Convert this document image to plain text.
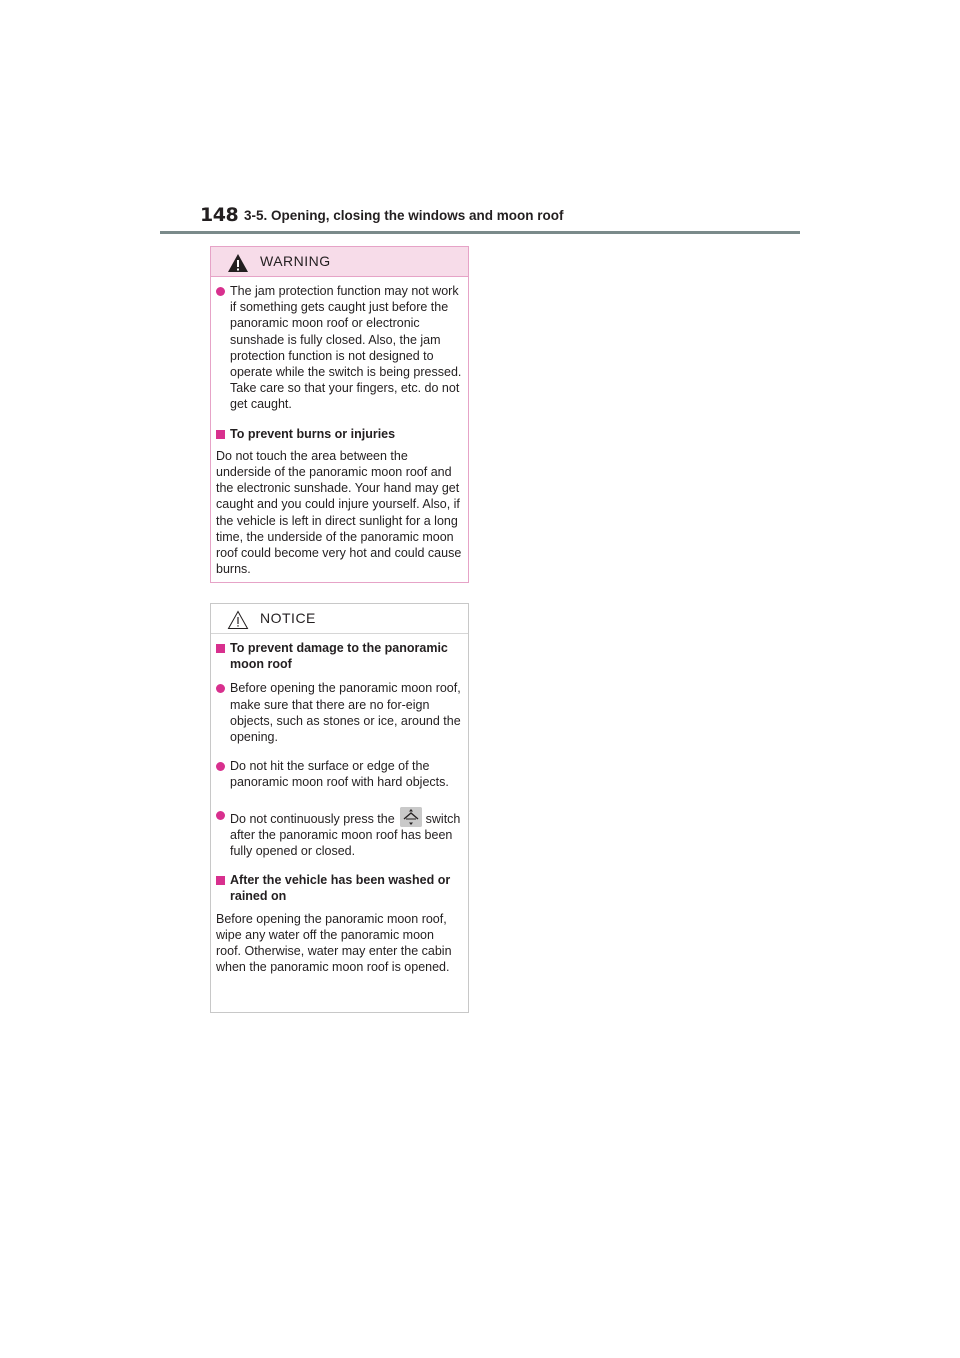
148 3-5. Opening, closing the windows and moon roof
WARNING
The jam protection function may not work if something gets caught just before the panoramic moon roof or electronic sunshade is fully closed. Also, the jam protection function is not designed to operate while the switch is being pressed. Take care so that your fingers, etc. do not get caught.
To prevent burns or injuries
Do not touch the area between the underside of the panoramic moon roof and the electronic sunshade. Your hand may get caught and you could injure yourself. Also, if the vehicle is left in direct sunlight for a long time, the underside of the panoramic moon roof could become very hot and could cause burns.
NOTICE
To prevent damage to the panoramic moon roof
Before opening the panoramic moon roof, make sure that there are no for-eign objects, such as stones or ice, around the opening.
Do not hit the surface or edge of the panoramic moon roof with hard objects.
Do not continuously press the switch after the panoramic moon roof has been fully opened or closed.
After the vehicle has been washed or rained on
Before opening the panoramic moon roof, wipe any water off the panoramic moon roof. Otherwise, water may enter the cabin when the panoramic moon roof is opened.
